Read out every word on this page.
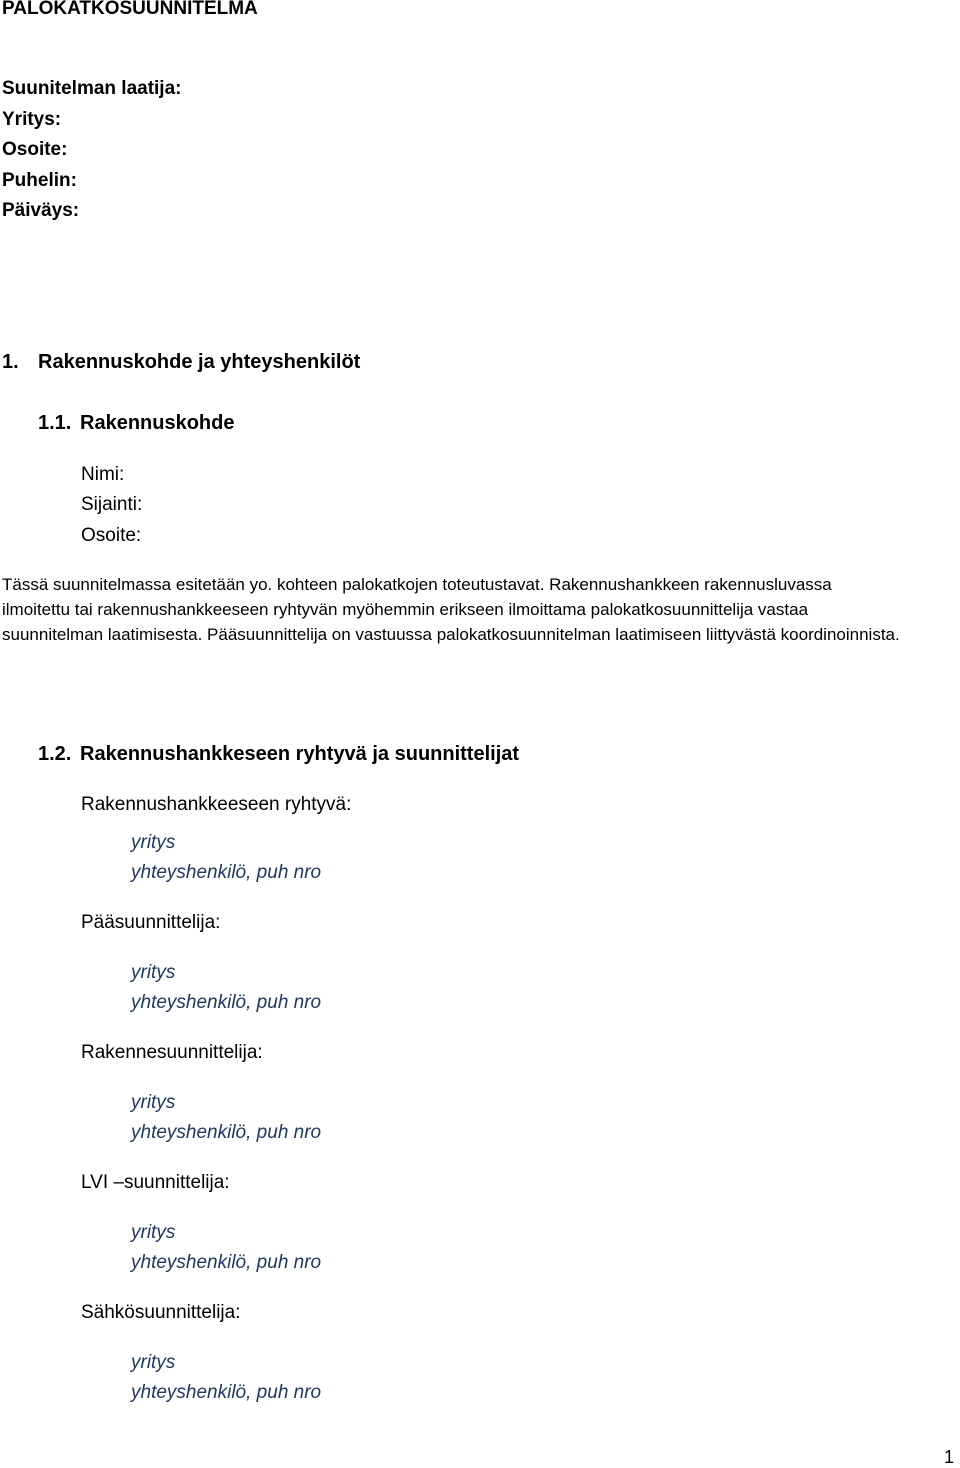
PALOKATKOSUUNNITELMA
Suunitelman laatija:
Yritys:
Osoite:
Puhelin:
Päiväys:
1. Rakennuskohde ja yhteyshenkilöt
1.1. Rakennuskohde
Nimi:
Sijainti:
Osoite:
Tässä suunnitelmassa esitetään yo. kohteen palokatkojen toteutustavat. Rakennushankkeen rakennusluvassa ilmoitettu tai rakennushankkeeseen ryhtyvän myöhemmin erikseen ilmoittama palokatkosuunnittelija vastaa suunnitelman laatimisesta. Pääsuunnittelija on vastuussa palokatkosuunnitelman laatimiseen liittyvästä koordinoinnista.
1.2. Rakennushankkeseen ryhtyvä ja suunnittelijat
Rakennushankkeeseen ryhtyvä:
yritys
yhteyshenkilö, puh nro
Pääsuunnittelija:
yritys
yhteyshenkilö, puh nro
Rakennesuunnittelija:
yritys
yhteyshenkilö, puh nro
LVI –suunnittelija:
yritys
yhteyshenkilö, puh nro
Sähkösuunnittelija:
yritys
yhteyshenkilö, puh nro
1
